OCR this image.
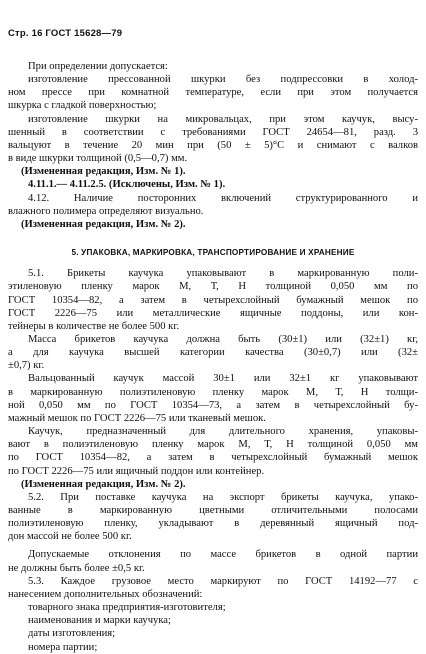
Стр. 16 ГОСТ 15628—79
При определении допускается:
изготовление прессованной шкурки без подпрессовки в холод-
ном прессе при комнатной температуре, если при этом получается
шкурка с гладкой поверхностью;
изготовление шкурки на микровальцах, при этом каучук, высу-
шенный в соответствии с требованиями ГОСТ 24654—81, разд. 3
вальцуют в течение 20 мин при (50 ± 5)°С и снимают с валков
в виде шкурки толщиной (0,5—0,7) мм.
(Измененная редакция, Изм. № 1).
4.11.1.— 4.11.2.5. (Исключены, Изм. № 1).
4.12. Наличие посторонних включений структурированного и
влажного полимера определяют визуально.
(Измененная редакция, Изм. № 2).
5. УПАКОВКА, МАРКИРОВКА, ТРАНСПОРТИРОВАНИЕ И ХРАНЕНИЕ
5.1. Брикеты каучука упаковывают в маркированную поли-
этиленовую пленку марок М, Т, Н толщиной 0,050 мм по
ГОСТ 10354—82, а затем в четырехслойный бумажный мешок по
ГОСТ 2226—75 или металлические ящичные поддоны, или кон-
тейнеры в количестве не более 500 кг.
Масса брикетов каучука должна быть (30±1) или (32±1) кг,
а для каучука высшей категории качества (30±0,7) или (32±
±0,7) кг.
Вальцованный каучук массой 30±1 или 32±1 кг упаковывают
в маркированную полиэтиленовую пленку марок М, Т, Н толщи-
ной 0,050 мм по ГОСТ 10354—73, а затем в четырехслойный бу-
мажный мешок по ГОСТ 2226—75 или тканевый мешок.
Каучук, предназначенный для длительного хранения, упаковы-
вают в полиэтиленовую пленку марок М, Т, Н толщиной 0,050 мм
по ГОСТ 10354—82, а затем в четырехслойный бумажный мешок
по ГОСТ 2226—75 или ящичный поддон или контейнер.
(Измененная редакция, Изм. № 2).
5.2. При поставке каучука на экспорт брикеты каучука, упако-
ванные в маркированную цветными отличительными полосами
полиэтиленовую пленку, укладывают в деревянный ящичный под-
дон массой не более 500 кг.
Допускаемые отклонения по массе брикетов в одной партии
не должны быть более ±0,5 кг.
5.3. Каждое грузовое место маркируют по ГОСТ 14192—77 с
нанесением дополнительных обозначений:
товарного знака предприятия-изготовителя;
наименования и марки каучука;
даты изготовления;
номера партии;
